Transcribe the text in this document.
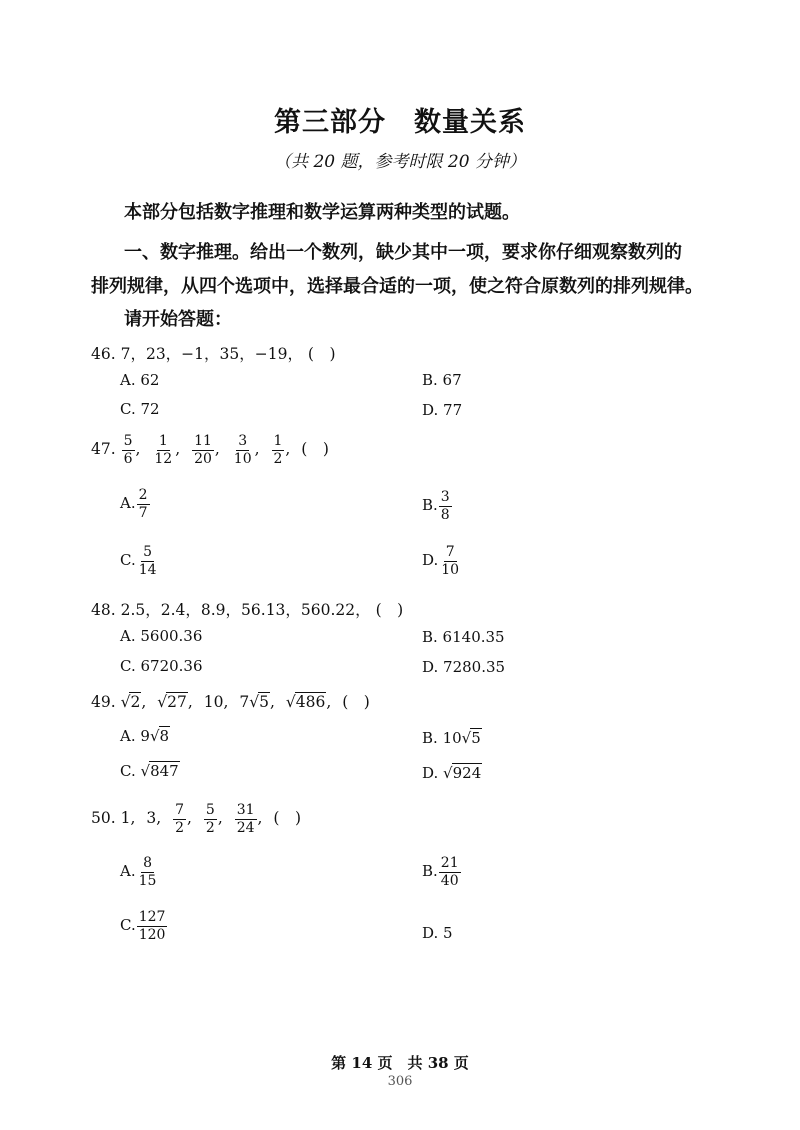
第三部分　数量关系
（共 20 题，参考时限 20 分钟）
本部分包括数字推理和数学运算两种类型的试题。
一、数字推理。给出一个数列，缺少其中一项，要求你仔细观察数列的
排列规律，从四个选项中，选择最合适的一项，使之符合原数列的排列规律。
请开始答题：
46. 7，23，−1，35，−19， (　)
A. 62	B. 67
C. 72	D. 77
47. $\frac{5}{6}$ , $\frac{1}{12}$ , $\frac{11}{20}$ , $\frac{3}{10}$ , $\frac{1}{2}$ , (　)
A. $\frac{2}{7}$	B. $\frac{3}{8}$
C. $\frac{5}{14}$	D. $\frac{7}{10}$
48. 2.5，2.4，8.9，56.13，560.22， (　)
A. 5600.36	B. 6140.35
C. 6720.36	D. 7280.35
49. √2, √27, 10, 7√5, √486, (　)
A. 9√8	B. 10√5
C. √847	D. √924
50. 1, 3, $\frac{7}{2}$ , $\frac{5}{2}$ , $\frac{31}{24}$ , (　)
A. $\frac{8}{15}$	B. $\frac{21}{40}$
C. $\frac{127}{120}$	D. 5
第 14 页　共 38 页
306
